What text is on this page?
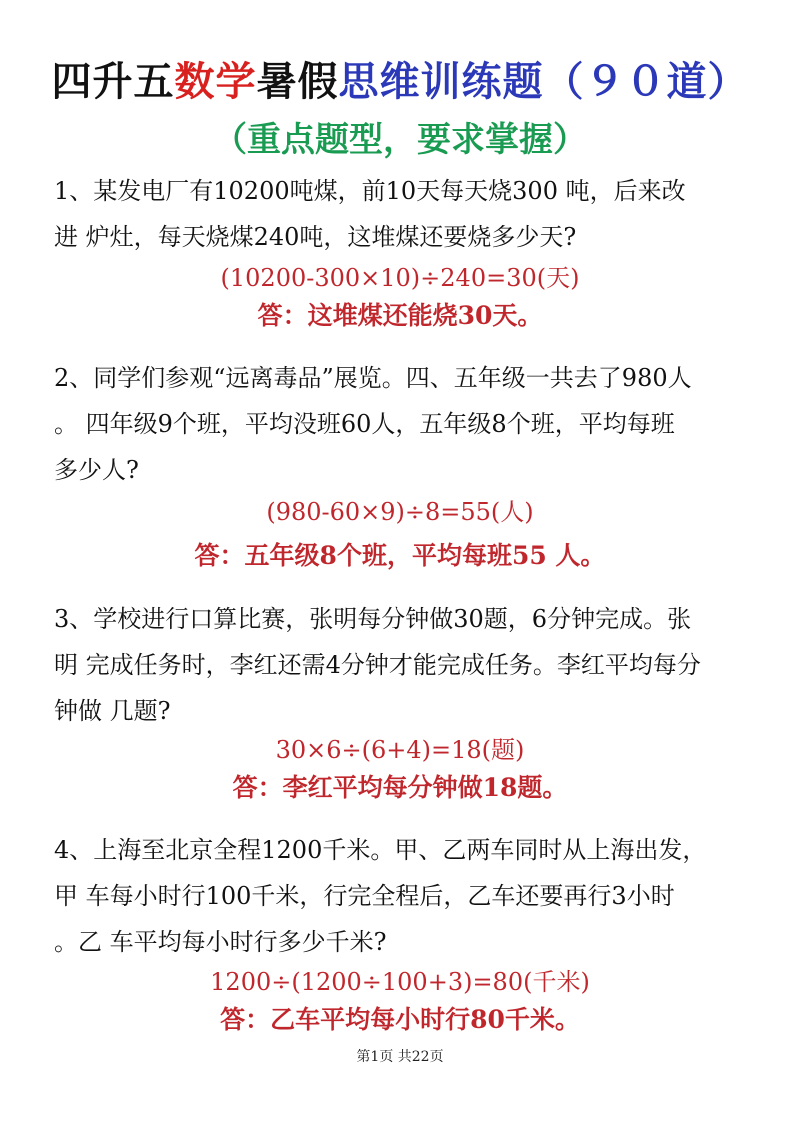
四升五数学暑假思维训练题（９０道）
（重点题型，要求掌握）
1、某发电厂有10200吨煤，前10天每天烧300 吨，后来改
进 炉灶，每天烧煤240吨，这堆煤还要烧多少天?
(10200-300×10)÷240=30(天)
答：这堆煤还能烧30天。
2、同学们参观“远离毒品”展览。四、五年级一共去了980人
。 四年级9个班，平均没班60人，五年级8个班，平均每班
多少人?
(980-60×9)÷8=55(人)
答：五年级8个班，平均每班55 人。
3、学校进行口算比赛，张明每分钟做30题，6分钟完成。张
明 完成任务时，李红还需4分钟才能完成任务。李红平均每分
钟做 几题?
30×6÷(6+4)=18(题)
答：李红平均每分钟做18题。
4、上海至北京全程1200千米。甲、乙两车同时从上海出发，
甲 车每小时行100千米，行完全程后，乙车还要再行3小时
。乙 车平均每小时行多少千米?
1200÷(1200÷100+3)=80(千米)
答：乙车平均每小时行80千米。
第1页 共22页
